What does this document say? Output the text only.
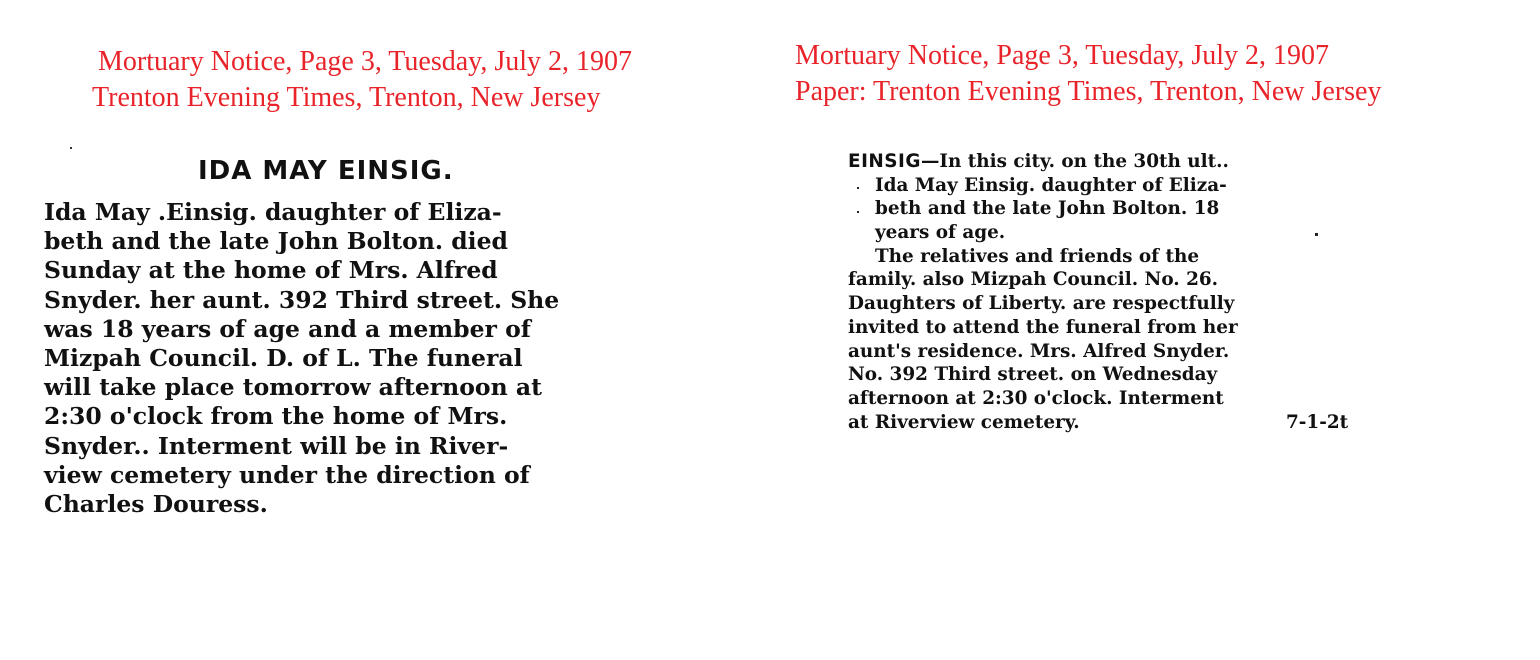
Mortuary Notice, Page 3, Tuesday, July 2, 1907
Trenton Evening Times, Trenton, New Jersey
Mortuary Notice, Page 3, Tuesday, July 2, 1907
Paper: Trenton Evening Times, Trenton, New Jersey
IDA MAY EINSIG.
Ida May .Einsig. daughter of Eliza-
beth and the late John Bolton. died
Sunday at the home of Mrs. Alfred
Snyder. her aunt. 392 Third street. She
was 18 years of age and a member of
Mizpah Council. D. of L. The funeral
will take place tomorrow afternoon at
2:30 o'clock from the home of Mrs.
Snyder.. Interment will be in River-
view cemetery under the direction of
Charles Douress.
EINSIG—In this city. on the 30th ult..
Ida May Einsig. daughter of Eliza-
beth and the late John Bolton. 18
years of age.
The relatives and friends of the
family. also Mizpah Council. No. 26.
Daughters of Liberty. are respectfully
invited to attend the funeral from her
aunt's residence. Mrs. Alfred Snyder.
No. 392 Third street. on Wednesday
afternoon at 2:30 o'clock. Interment
at Riverview cemetery.	7-1-2t
